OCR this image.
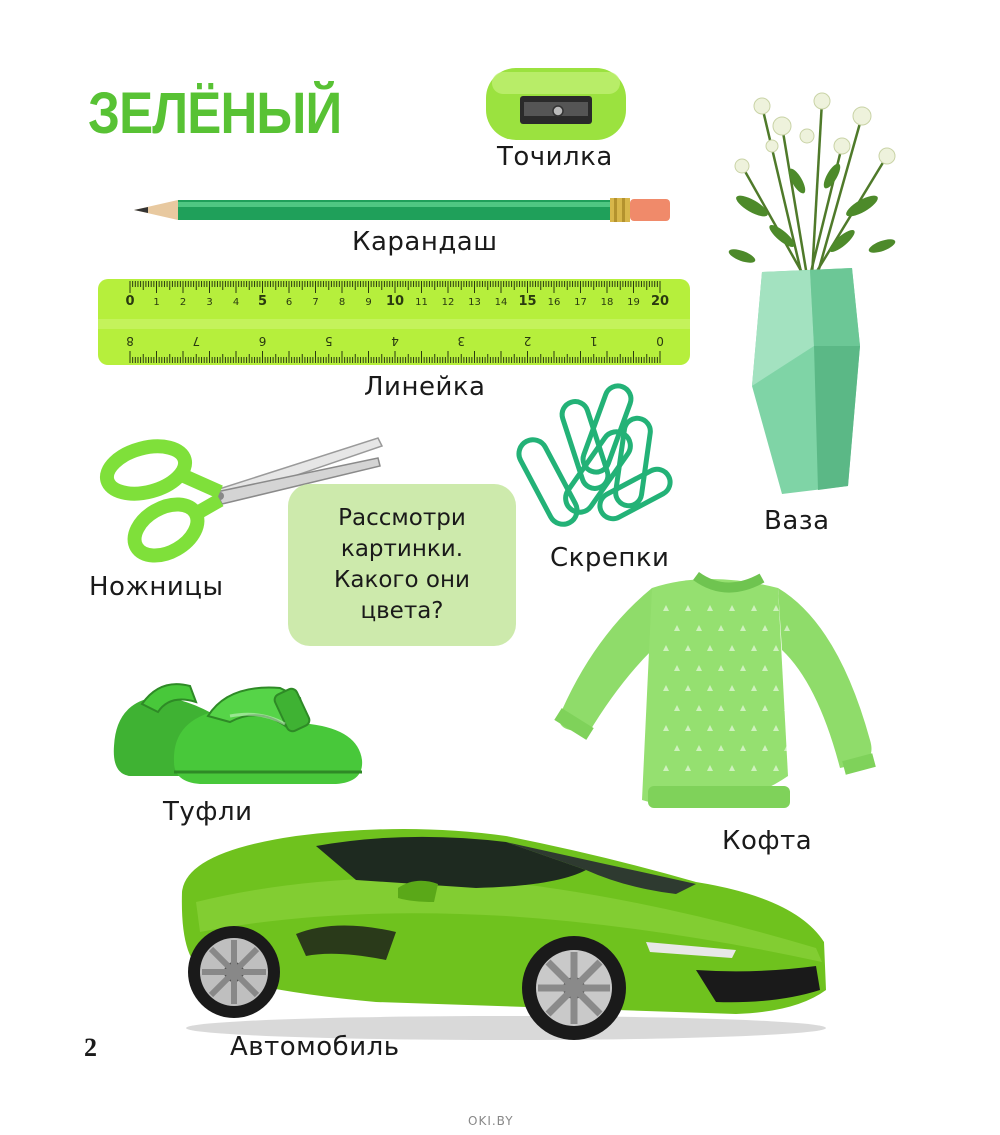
ЗЕЛЁНЫЙ
Точилка
Карандаш
0 1 2 3 4 5 6 7 8 9 10 11 12 13 14 15 16 17 18 19 20
8	7	6	5	4	3	2	1	0
Линейка
Ваза
Ножницы
Рассмотри
картинки.
Какого они
цвета?
Скрепки
Туфли
Кофта
Автомобиль
2
OKI.BY
